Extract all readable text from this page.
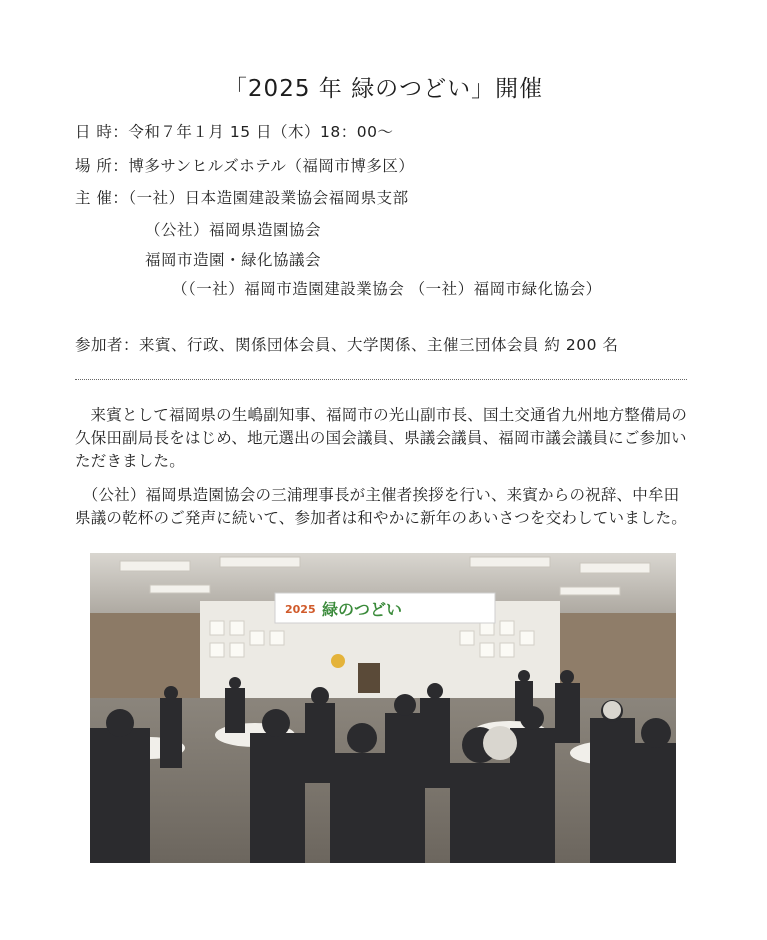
「2025 年 緑のつどい」開催
日 時：令和７年１月 15 日（木）18：00～
場 所：博多サンヒルズホテル（福岡市博多区）
主 催：（一社）日本造園建設業協会福岡県支部
（公社）福岡県造園協会
福岡市造園・緑化協議会
（（一社）福岡市造園建設業協会 （一社）福岡市緑化協会）
参加者：来賓、行政、関係団体会員、大学関係、主催三団体会員 約 200 名
来賓として福岡県の生嶋副知事、福岡市の光山副市長、国土交通省九州地方整備局の久保田副局長をはじめ、地元選出の国会議員、県議会議員、福岡市議会議員にご参加いただきました。
（公社）福岡県造園協会の三浦理事長が主催者挨拶を行い、来賓からの祝辞、中牟田県議の乾杯のご発声に続いて、参加者は和やかに新年のあいさつを交わしていました。
2025 緑のつどい
